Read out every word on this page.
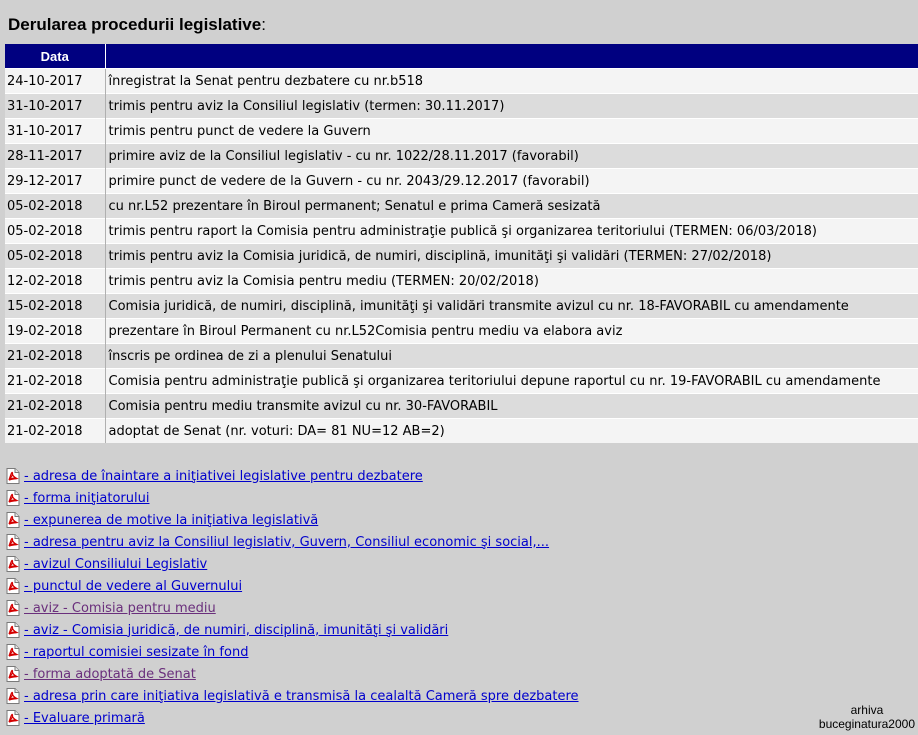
Derularea procedurii legislative:
Data	
24-10-2017	înregistrat la Senat pentru dezbatere cu nr.b518
31-10-2017	trimis pentru aviz la Consiliul legislativ (termen: 30.11.2017)
31-10-2017	trimis pentru punct de vedere la Guvern
28-11-2017	primire aviz de la Consiliul legislativ - cu nr. 1022/28.11.2017 (favorabil)
29-12-2017	primire punct de vedere de la Guvern - cu nr. 2043/29.12.2017 (favorabil)
05-02-2018	cu nr.L52 prezentare în Biroul permanent; Senatul e prima Cameră sesizată
05-02-2018	trimis pentru raport la Comisia pentru administraţie publică şi organizarea teritoriului (TERMEN: 06/03/2018)
05-02-2018	trimis pentru aviz la Comisia juridică, de numiri, disciplină, imunităţi şi validări (TERMEN: 27/02/2018)
12-02-2018	trimis pentru aviz la Comisia pentru mediu (TERMEN: 20/02/2018)
15-02-2018	Comisia juridică, de numiri, disciplină, imunităţi şi validări transmite avizul cu nr. 18-FAVORABIL cu amendamente
19-02-2018	prezentare în Biroul Permanent cu nr.L52Comisia pentru mediu va elabora aviz
21-02-2018	înscris pe ordinea de zi a plenului Senatului
21-02-2018	Comisia pentru administraţie publică şi organizarea teritoriului depune raportul cu nr. 19-FAVORABIL cu amendamente
21-02-2018	Comisia pentru mediu transmite avizul cu nr. 30-FAVORABIL
21-02-2018	adoptat de Senat (nr. voturi: DA= 81 NU=12 AB=2)
- adresa de înaintare a iniţiativei legislative pentru dezbatere
- forma iniţiatorului
- expunerea de motive la iniţiativa legislativă
- adresa pentru aviz la Consiliul legislativ, Guvern, Consiliul economic şi social,...
- avizul Consiliului Legislativ
- punctul de vedere al Guvernului
- aviz - Comisia pentru mediu
- aviz - Comisia juridică, de numiri, disciplină, imunităţi şi validări
- raportul comisiei sesizate în fond
- forma adoptată de Senat
- adresa prin care iniţiativa legislativă e transmisă la cealaltă Cameră spre dezbatere
- Evaluare primară
arhiva
buceginatura2000
